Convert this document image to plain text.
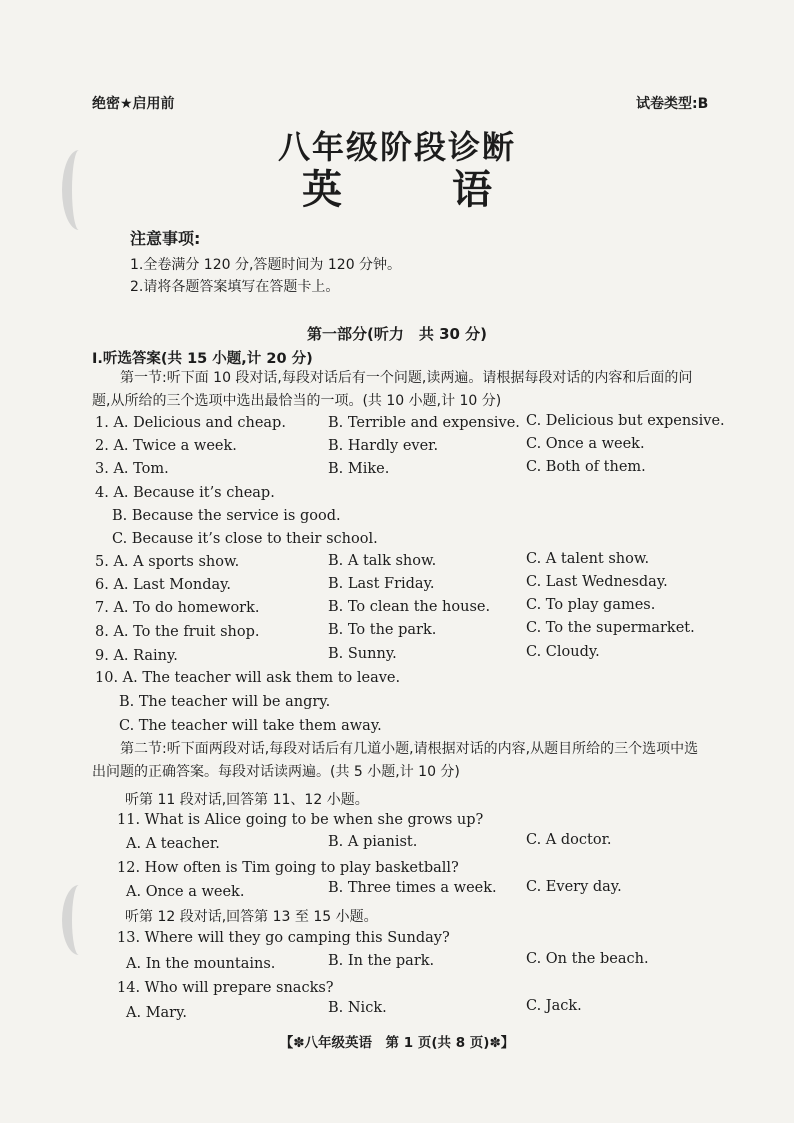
绝密★启用前	试卷类型:B
八年级阶段诊断
英 语
注意事项:
1.全卷满分 120 分,答题时间为 120 分钟。
2.请将各题答案填写在答题卡上。
第一部分(听力　共 30 分)
Ⅰ.听选答案(共 15 小题,计 20 分)
第一节:听下面 10 段对话,每段对话后有一个问题,读两遍。请根据每段对话的内容和后面的问题,从所给的三个选项中选出最恰当的一项。(共 10 小题,计 10 分)
1. A. Delicious and cheap.	B. Terrible and expensive. C. Delicious but expensive.
2. A. Twice a week.	B. Hardly ever.	C. Once a week.
3. A. Tom.	B. Mike.	C. Both of them.
4. A. Because it’s cheap.
B. Because the service is good.
C. Because it’s close to their school.
5. A. A sports show.	B. A talk show.	C. A talent show.
6. A. Last Monday.	B. Last Friday.	C. Last Wednesday.
7. A. To do homework.	B. To clean the house. C. To play games.
8. A. To the fruit shop.	B. To the park.	C. To the supermarket.
9. A. Rainy.	B. Sunny.	C. Cloudy.
10. A. The teacher will ask them to leave.
B. The teacher will be angry.
C. The teacher will take them away.
第二节:听下面两段对话,每段对话后有几道小题,请根据对话的内容,从题目所给的三个选项中选出问题的正确答案。每段对话读两遍。(共 5 小题,计 10 分)
听第 11 段对话,回答第 11、12 小题。
11. What is Alice going to be when she grows up?
A. A teacher.	B. A pianist.	C. A doctor.
12. How often is Tim going to play basketball?
A. Once a week.	B. Three times a week. C. Every day.
听第 12 段对话,回答第 13 至 15 小题。
13. Where will they go camping this Sunday?
A. In the mountains.	B. In the park.	C. On the beach.
14. Who will prepare snacks?
A. Mary.	B. Nick.	C. Jack.
【✽八年级英语　第 1 页(共 8 页)✽】
